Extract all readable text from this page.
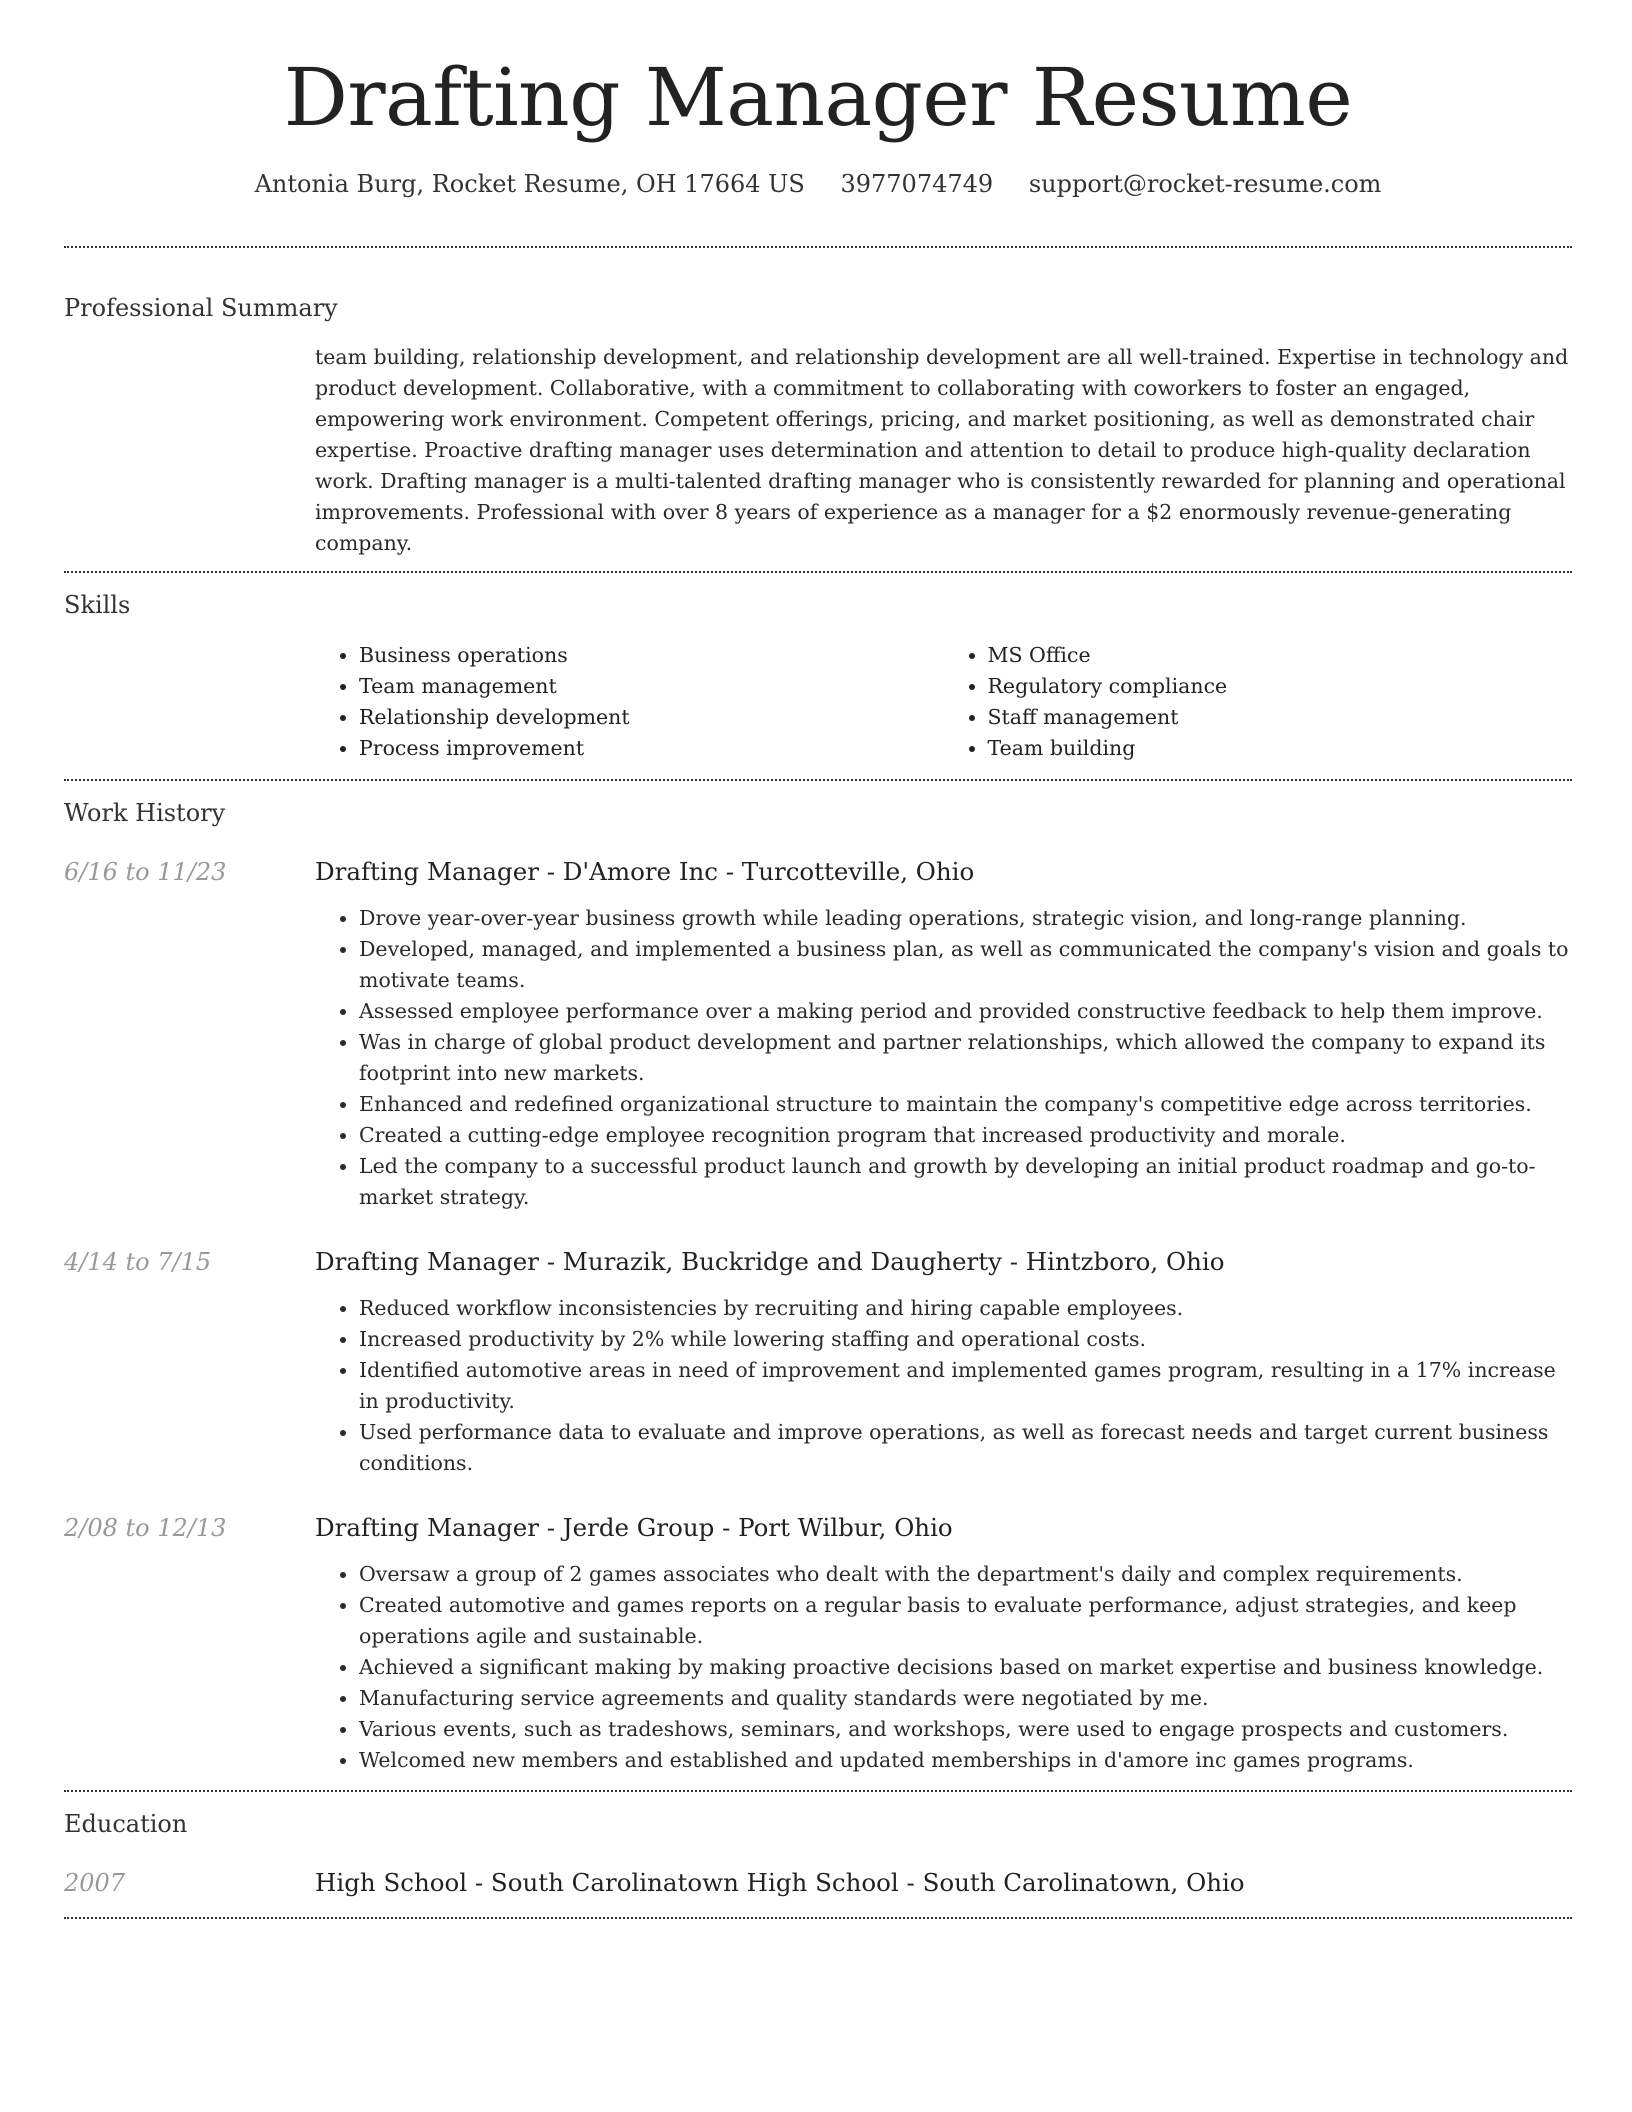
Drafting Manager Resume
Antonia Burg, Rocket Resume, OH 17664 US 3977074749 support@rocket-resume.com
Professional Summary
team building, relationship development, and relationship development are all well-trained. Expertise in technology and product development. Collaborative, with a commitment to collaborating with coworkers to foster an engaged, empowering work environment. Competent offerings, pricing, and market positioning, as well as demonstrated chair expertise. Proactive drafting manager uses determination and attention to detail to produce high-quality declaration work. Drafting manager is a multi-talented drafting manager who is consistently rewarded for planning and operational improvements. Professional with over 8 years of experience as a manager for a $2 enormously revenue-generating company.
Skills
• Business operations
• Team management
• Relationship development
• Process improvement
• MS Office
• Regulatory compliance
• Staff management
• Team building
Work History
6/16 to 11/23	Drafting Manager - D'Amore Inc - Turcotteville, Ohio
• Drove year-over-year business growth while leading operations, strategic vision, and long-range planning.
• Developed, managed, and implemented a business plan, as well as communicated the company's vision and goals to motivate teams.
• Assessed employee performance over a making period and provided constructive feedback to help them improve.
• Was in charge of global product development and partner relationships, which allowed the company to expand its footprint into new markets.
• Enhanced and redefined organizational structure to maintain the company's competitive edge across territories.
• Created a cutting-edge employee recognition program that increased productivity and morale.
• Led the company to a successful product launch and growth by developing an initial product roadmap and go-to-market strategy.
4/14 to 7/15	Drafting Manager - Murazik, Buckridge and Daugherty - Hintzboro, Ohio
• Reduced workflow inconsistencies by recruiting and hiring capable employees.
• Increased productivity by 2% while lowering staffing and operational costs.
• Identified automotive areas in need of improvement and implemented games program, resulting in a 17% increase in productivity.
• Used performance data to evaluate and improve operations, as well as forecast needs and target current business conditions.
2/08 to 12/13	Drafting Manager - Jerde Group - Port Wilbur, Ohio
• Oversaw a group of 2 games associates who dealt with the department's daily and complex requirements.
• Created automotive and games reports on a regular basis to evaluate performance, adjust strategies, and keep operations agile and sustainable.
• Achieved a significant making by making proactive decisions based on market expertise and business knowledge.
• Manufacturing service agreements and quality standards were negotiated by me.
• Various events, such as tradeshows, seminars, and workshops, were used to engage prospects and customers.
• Welcomed new members and established and updated memberships in d'amore inc games programs.
Education
2007	High School - South Carolinatown High School - South Carolinatown, Ohio
